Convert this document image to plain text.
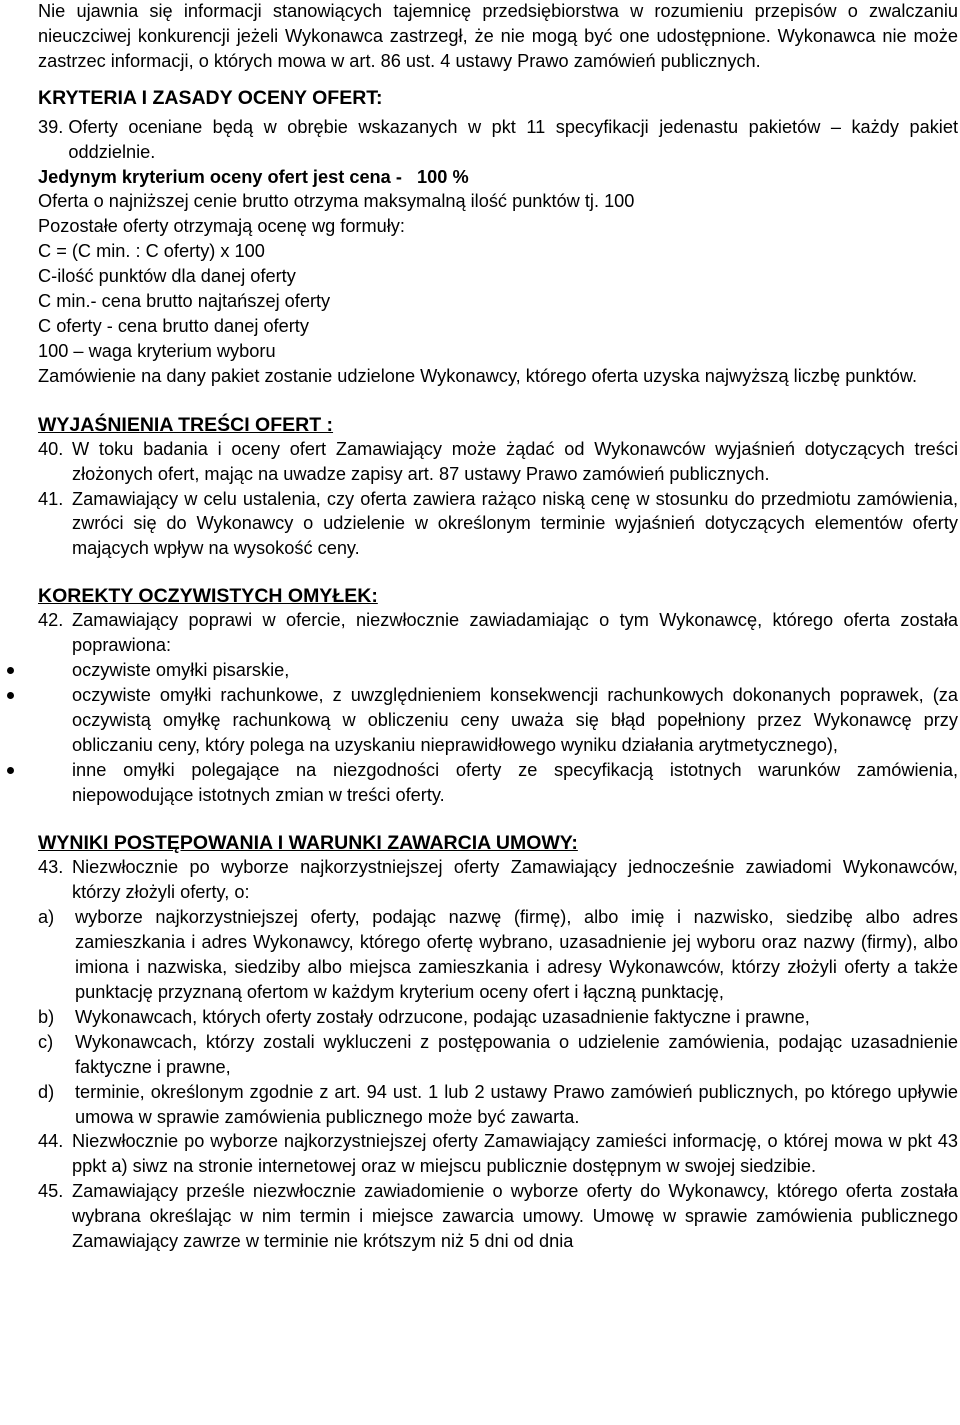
Nie ujawnia się informacji stanowiących tajemnicę przedsiębiorstwa w rozumieniu przepisów o zwalczaniu nieuczciwej konkurencji jeżeli Wykonawca zastrzegł, że nie mogą być one udostępnione. Wykonawca nie może zastrzec informacji, o których mowa w art. 86 ust. 4 ustawy Prawo zamówień publicznych.

KRYTERIA I ZASADY OCENY OFERT:

39. Oferty oceniane będą w obrębie wskazanych w pkt 11 specyfikacji jedenastu pakietów – każdy pakiet oddzielnie.

Jedynym kryterium oceny ofert jest cena -   100 %

Oferta o najniższej cenie brutto otrzyma maksymalną ilość punktów tj. 100

Pozostałe oferty otrzymają ocenę wg formuły:

C = (C min. : C oferty) x 100

C-ilość punktów dla danej oferty

C min.- cena brutto najtańszej oferty

C oferty - cena brutto danej oferty

100 – waga kryterium wyboru

Zamówienie na dany pakiet zostanie udzielone Wykonawcy, którego oferta uzyska najwyższą liczbę punktów.

WYJAŚNIENIA TREŚCI OFERT :

40. W toku badania i oceny ofert Zamawiający może żądać od Wykonawców wyjaśnień dotyczących treści złożonych ofert, mając na uwadze zapisy art. 87 ustawy Prawo zamówień publicznych.
41. Zamawiający w celu ustalenia, czy oferta zawiera rażąco niską cenę w stosunku do przedmiotu zamówienia, zwróci się do Wykonawcy o udzielenie w określonym terminie wyjaśnień dotyczących elementów oferty mających wpływ na wysokość ceny.

KOREKTY OCZYWISTYCH OMYŁEK:

42. Zamawiający poprawi w ofercie, niezwłocznie zawiadamiając o tym Wykonawcę, którego oferta została poprawiona:
oczywiste omyłki pisarskie,
oczywiste omyłki rachunkowe, z uwzględnieniem konsekwencji rachunkowych dokonanych poprawek, (za oczywistą omyłkę rachunkową w obliczeniu ceny uważa się błąd popełniony przez Wykonawcę przy obliczaniu ceny, który polega na uzyskaniu nieprawidłowego wyniku działania arytmetycznego),
inne omyłki polegające na niezgodności oferty ze specyfikacją istotnych warunków zamówienia, niepowodujące istotnych zmian w treści oferty.

WYNIKI POSTĘPOWANIA I WARUNKI ZAWARCIA UMOWY:

43. Niezwłocznie po wyborze najkorzystniejszej oferty Zamawiający jednocześnie zawiadomi Wykonawców, którzy złożyli oferty, o:
a)	wyborze najkorzystniejszej oferty, podając nazwę (firmę), albo imię i nazwisko, siedzibę albo adres zamieszkania i adres Wykonawcy, którego ofertę wybrano, uzasadnienie jej wyboru oraz nazwy (firmy), albo imiona i nazwiska, siedziby albo miejsca zamieszkania i adresy Wykonawców, którzy złożyli oferty a także punktację przyznaną ofertom w każdym kryterium oceny ofert i łączną punktację,
b)	Wykonawcach, których oferty zostały odrzucone, podając uzasadnienie faktyczne i prawne,
c)	Wykonawcach, którzy zostali wykluczeni z postępowania o udzielenie zamówienia, podając uzasadnienie faktyczne i prawne,
d)	terminie, określonym zgodnie z art. 94 ust. 1 lub 2 ustawy Prawo zamówień publicznych, po którego upływie umowa w sprawie zamówienia publicznego może być zawarta.
44. Niezwłocznie po wyborze najkorzystniejszej oferty Zamawiający zamieści informację, o której mowa w pkt 43 ppkt a) siwz na stronie internetowej oraz w miejscu publicznie dostępnym w swojej siedzibie.
45. Zamawiający prześle niezwłocznie zawiadomienie o wyborze oferty do Wykonawcy, którego oferta została wybrana określając w nim termin i miejsce zawarcia umowy. Umowę w sprawie zamówienia publicznego Zamawiający zawrze w terminie nie krótszym niż 5 dni od dnia
